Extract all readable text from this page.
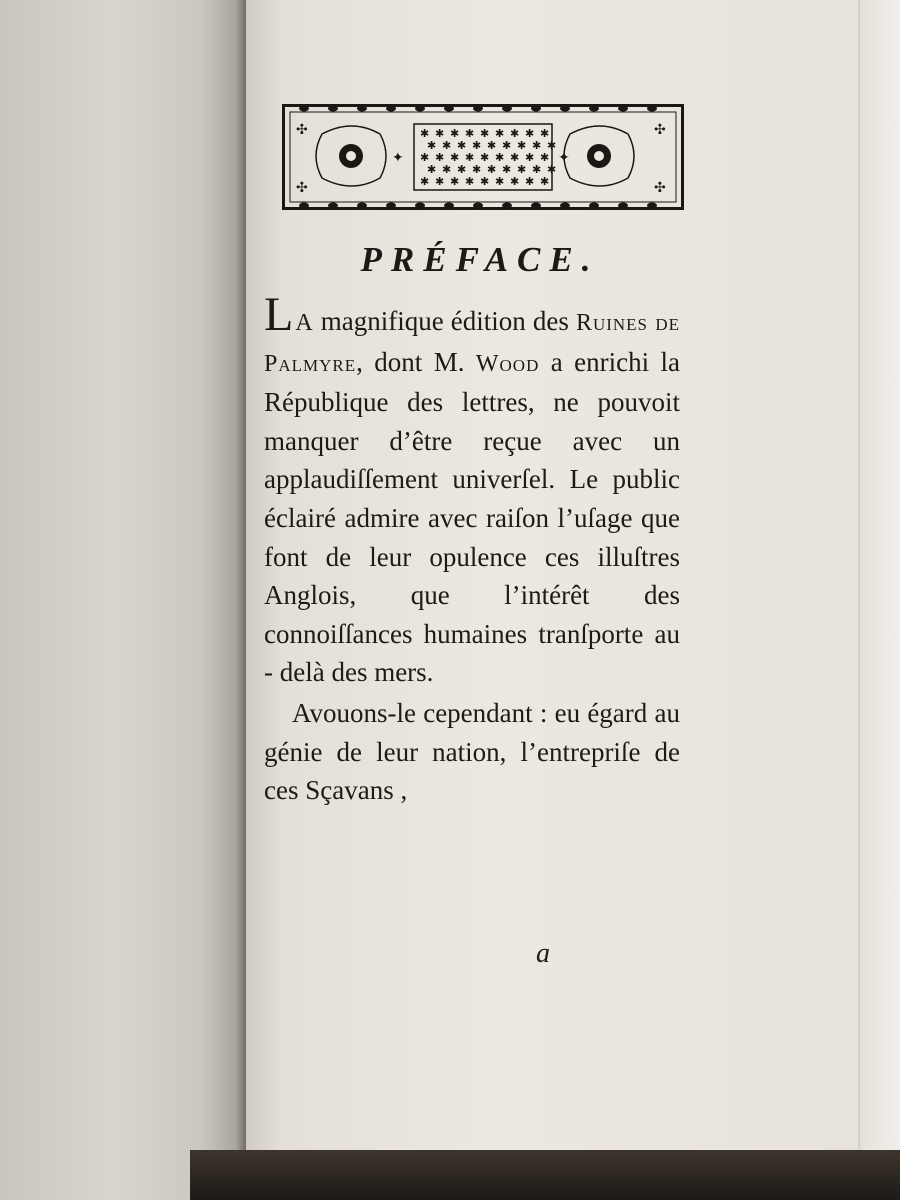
✱ ✱ ✱ ✱ ✱ ✱ ✱ ✱ ✱
✱ ✱ ✱ ✱ ✱ ✱ ✱ ✱ ✱
✱ ✱ ✱ ✱ ✱ ✱ ✱ ✱ ✱
✱ ✱ ✱ ✱ ✱ ✱ ✱ ✱ ✱
✱ ✱ ✱ ✱ ✱ ✱ ✱ ✱ ✱
✣
✣
✣
✣
✦	✦
PRÉFACE.

LA magnifique édition des Ruines de Palmyre, dont M. Wood a enrichi la République des lettres, ne pouvoit manquer d’être reçue avec un applaudiſſement univerſel. Le public éclairé admire avec raiſon l’uſage que font de leur opulence ces illuſtres Anglois, que l’intérêt des connoiſſances humaines tranſporte au - delà des mers.

Avouons-le cependant : eu égard au génie de leur nation, l’entrepriſe de ces Sçavans ,

a
